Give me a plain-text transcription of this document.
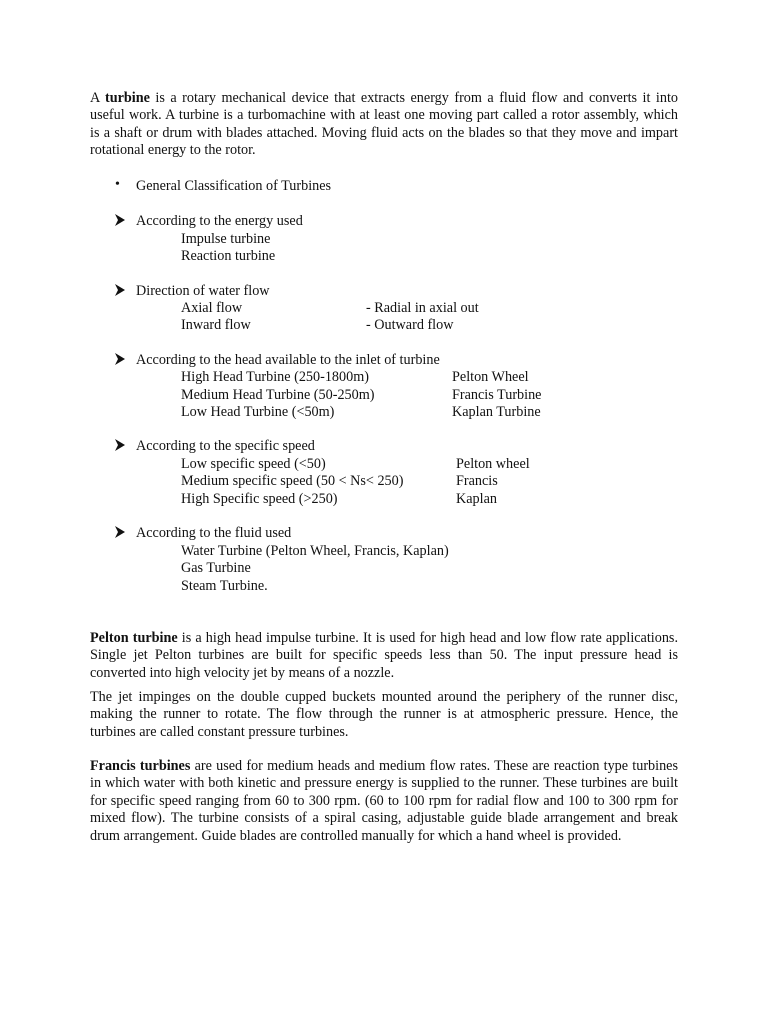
A turbine is a rotary mechanical device that extracts energy from a fluid flow and converts it into useful work. A turbine is a turbomachine with at least one moving part called a rotor assembly, which is a shaft or drum with blades attached. Moving fluid acts on the blades so that they move and impart rotational energy to the rotor.

• General Classification of Turbines

According to the energy used

Impulse turbine

Reaction turbine

Direction of water flow

Axial flow	- Radial in axial out

Inward flow	- Outward flow

According to the head available to the inlet of turbine

High Head Turbine (250-1800m)	Pelton Wheel

Medium Head Turbine (50-250m)	Francis Turbine

Low Head Turbine (<50m)	Kaplan Turbine

According to the specific speed

Low specific speed (<50)	Pelton wheel

Medium specific speed (50 < Ns< 250)	Francis

High Specific speed (>250)	Kaplan

According to the fluid used

Water Turbine (Pelton Wheel, Francis, Kaplan)

Gas Turbine

Steam Turbine.

Pelton turbine is a high head impulse turbine. It is used for high head and low flow rate applications. Single jet Pelton turbines are built for specific speeds less than 50. The input pressure head is converted into high velocity jet by means of a nozzle.

The jet impinges on the double cupped buckets mounted around the periphery of the runner disc, making the runner to rotate. The flow through the runner is at atmospheric pressure. Hence, the turbines are called constant pressure turbines.

Francis turbines are used for medium heads and medium flow rates. These are reaction type turbines in which water with both kinetic and pressure energy is supplied to the runner. These turbines are built for specific speed ranging from 60 to 300 rpm. (60 to 100 rpm for radial flow and 100 to 300 rpm for mixed flow). The turbine consists of a spiral casing, adjustable guide blade arrangement and break drum arrangement. Guide blades are controlled manually for which a hand wheel is provided.
